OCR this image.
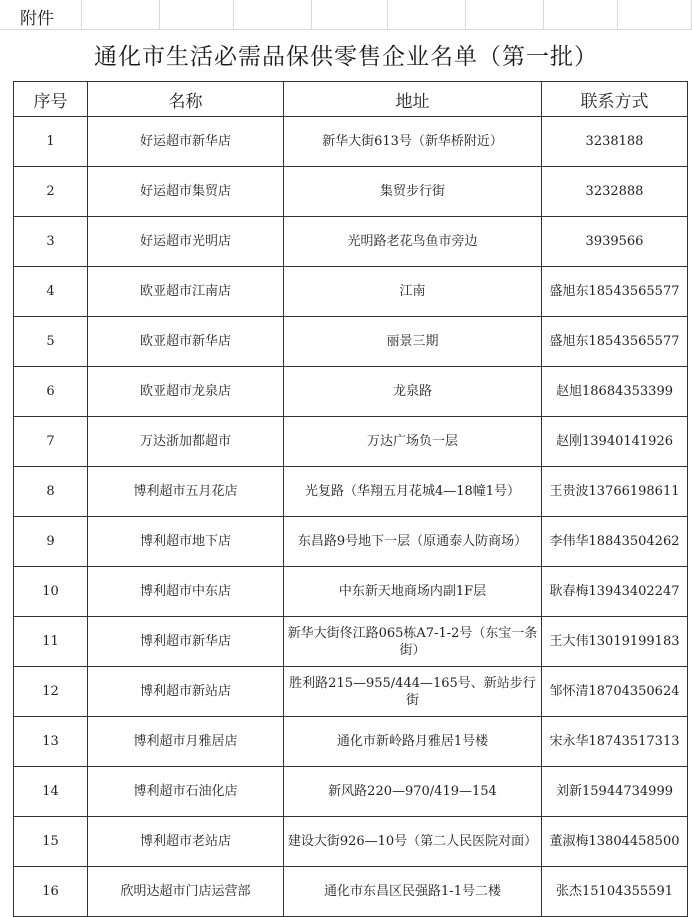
附件
通化市生活必需品保供零售企业名单（第一批）
序号	名称	地址	联系方式
1	好运超市新华店	新华大街613号（新华桥附近）	3238188
2	好运超市集贸店	集贸步行街	3232888
3	好运超市光明店	光明路老花鸟鱼市旁边	3939566
4	欧亚超市江南店	江南	盛旭东18543565577
5	欧亚超市新华店	丽景三期	盛旭东18543565577
6	欧亚超市龙泉店	龙泉路	赵旭18684353399
7	万达浙加都超市	万达广场负一层	赵刚13940141926
8	博利超市五月花店	光复路（华翔五月花城4—18幢1号）	王贵波13766198611
9	博利超市地下店	东昌路9号地下一层（原通泰人防商场）	李伟华18843504262
10	博利超市中东店	中东新天地商场内副1F层	耿春梅13943402247
11	博利超市新华店	新华大街佟江路065栋A7-1-2号（东宝一条街）	王大伟13019199183
12	博利超市新站店	胜利路215—955/444—165号、新站步行街	邹怀清18704350624
13	博利超市月雅居店	通化市新岭路月雅居1号楼	宋永华18743517313
14	博利超市石油化店	新风路220—970/419—154	刘新15944734999
15	博利超市老站店	建设大街926—10号（第二人民医院对面）	董淑梅13804458500
16	欣明达超市门店运营部	通化市东昌区民强路1-1号二楼	张杰15104355591
